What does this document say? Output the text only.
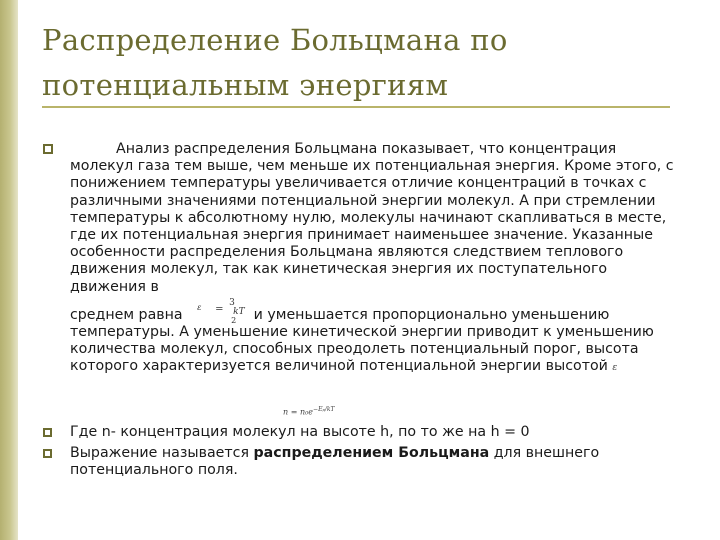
Распределение Больцмана по потенциальным энергиям
Анализ распределения Больцмана показывает, что концентрация молекул газа тем выше, чем меньше их потенциальная энергия. Кроме этого, с понижением температуры увеличивается отличие концентраций в точках с различными значениями потенциальной энергии молекул. А при стремлении температуры к абсолютному нулю, молекулы начинают скапливаться в месте, где их потенциальная энергия принимает наименьшее значение. Указанные особенности распределения Больцмана являются следствием теплового движения молекул, так как кинетическая энергия их поступательного движения в
среднем равна ε =
3
kT
2 и уменьшается пропорционально уменьшению температуры. А уменьшение кинетической энергии приводит к уменьшению количества молекул, способных преодолеть потенциальный порог, высота которого характеризуется величиной потенциальной энергии высотой ε
$n = n_0e^{-E_p/kT}$
Где n- концентрация молекул на высоте h, по то же на h = 0
Выражение называется распределением Больцмана для внешнего потенциального поля.
